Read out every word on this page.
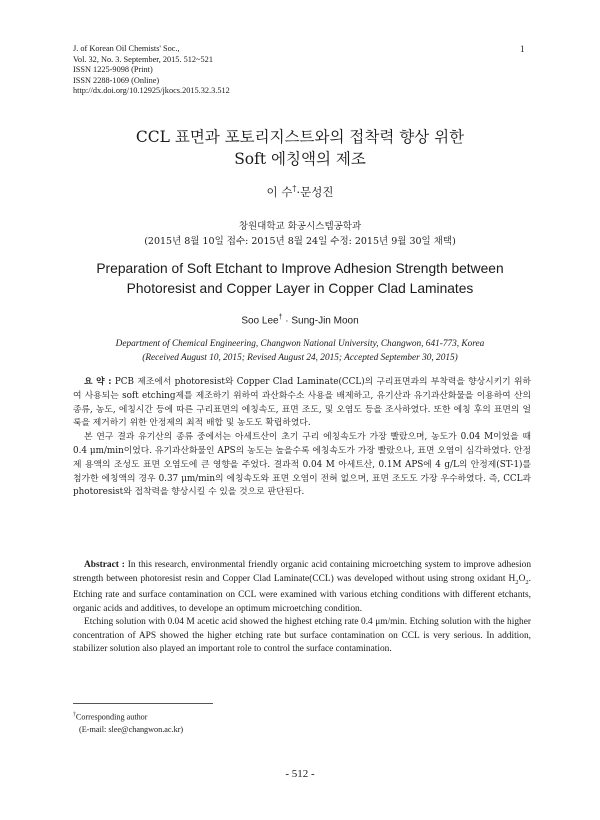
J. of Korean Oil Chemists' Soc.,
Vol. 32, No. 3. September, 2015. 512~521
ISSN 1225-9098 (Print)
ISSN 2288-1069 (Online)
http://dx.doi.org/10.12925/jkocs.2015.32.3.512
1
CCL 표면과 포토리지스트와의 접착력 향상 위한
Soft 에칭액의 제조
이 수†·문성진
창원대학교 화공시스템공학과
(2015년 8월 10일 접수: 2015년 8월 24일 수정: 2015년 9월 30일 채택)
Preparation of Soft Etchant to Improve Adhesion Strength between
Photoresist and Copper Layer in Copper Clad Laminates
Soo Lee† · Sung-Jin Moon
Department of Chemical Engineering, Changwon National University, Changwon, 641-773, Korea
(Received August 10, 2015; Revised August 24, 2015; Accepted September 30, 2015)

요 약 : PCB 제조에서 photoresist와 Copper Clad Laminate(CCL)의 구리표면과의 부착력을 향상시키기 위하여 사용되는 soft etching제를 제조하기 위하여 과산화수소 사용을 배제하고, 유기산과 유기과산화물을 이용하여 산의 종류, 농도, 에칭시간 등에 따른 구리표면의 에칭속도, 표면 조도, 및 오염도 등을 조사하였다. 또한 에칭 후의 표면의 얼룩을 제거하기 위한 안정제의 최적 배합 및 농도도 확립하였다.

본 연구 결과 유기산의 종류 중에서는 아세트산이 초기 구리 에칭속도가 가장 빨랐으며, 농도가 0.04 M이었을 때 0.4 μm/min이었다. 유기과산화물인 APS의 농도는 높을수록 에칭속도가 가장 빨랐으나, 표면 오염이 심각하였다. 안정제 용액의 조성도 표면 오염도에 큰 영향을 주었다. 결과적 0.04 M 아세트산, 0.1M APS에 4 g/L의 안정제(ST-1)를 첨가한 에칭액의 경우 0.37 μm/min의 에칭속도와 표면 오염이 전혀 없으며, 표면 조도도 가장 우수하였다. 즉, CCL과 photoresist와 접착력을 향상시킬 수 있을 것으로 판단된다.

Abstract : In this research, environmental friendly organic acid containing microetching system to improve adhesion strength between photoresist resin and Copper Clad Laminate(CCL) was developed without using strong oxidant $H_2O_2$. Etching rate and surface contamination on CCL were examined with various etching conditions with different etchants, organic acids and additives, to develope an optimum microetching condition.

Etching solution with 0.04 M acetic acid showed the highest etching rate 0.4 μm/min. Etching solution with the higher concentration of APS showed the higher etching rate but surface contamination on CCL is very serious. In addition, stabilizer solution also played an important role to control the surface contamination.

†Corresponding author
(E-mail: slee@changwon.ac.kr)
- 512 -
